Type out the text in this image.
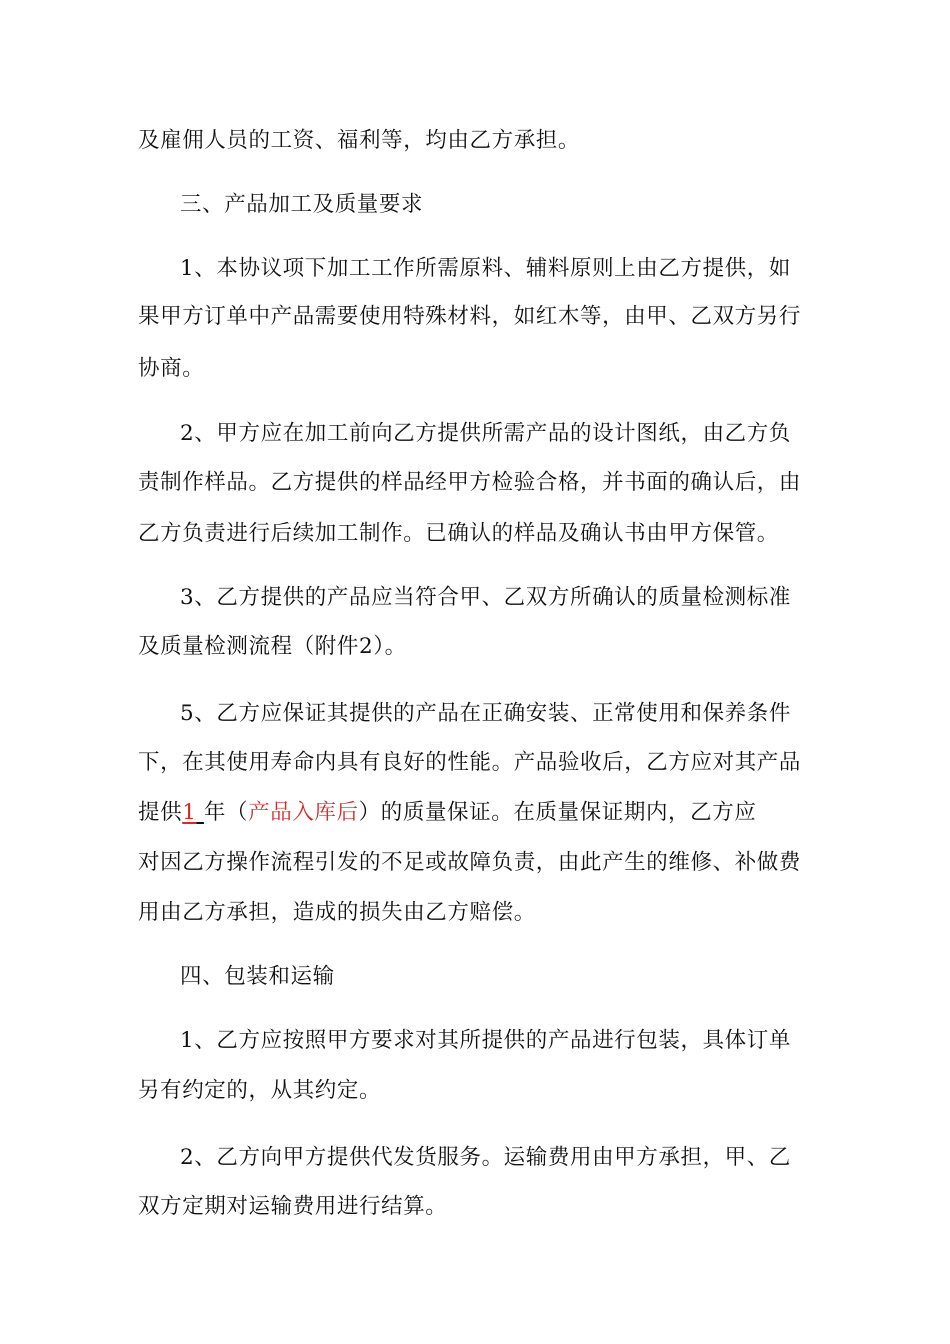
及雇佣人员的工资、福利等，均由乙方承担。
三、产品加工及质量要求
1、本协议项下加工工作所需原料、辅料原则上由乙方提供，如
果甲方订单中产品需要使用特殊材料，如红木等，由甲、乙双方另行
协商。
2、甲方应在加工前向乙方提供所需产品的设计图纸，由乙方负
责制作样品。乙方提供的样品经甲方检验合格，并书面的确认后，由
乙方负责进行后续加工制作。已确认的样品及确认书由甲方保管。
3、乙方提供的产品应当符合甲、乙双方所确认的质量检测标准
及质量检测流程（附件2）。
5、乙方应保证其提供的产品在正确安装、正常使用和保养条件
下，在其使用寿命内具有良好的性能。产品验收后，乙方应对其产品
提供1 年（产品入库后）的质量保证。在质量保证期内，乙方应
对因乙方操作流程引发的不足或故障负责，由此产生的维修、补做费
用由乙方承担，造成的损失由乙方赔偿。
四、包装和运输
1、乙方应按照甲方要求对其所提供的产品进行包装，具体订单
另有约定的，从其约定。
2、乙方向甲方提供代发货服务。运输费用由甲方承担，甲、乙
双方定期对运输费用进行结算。
